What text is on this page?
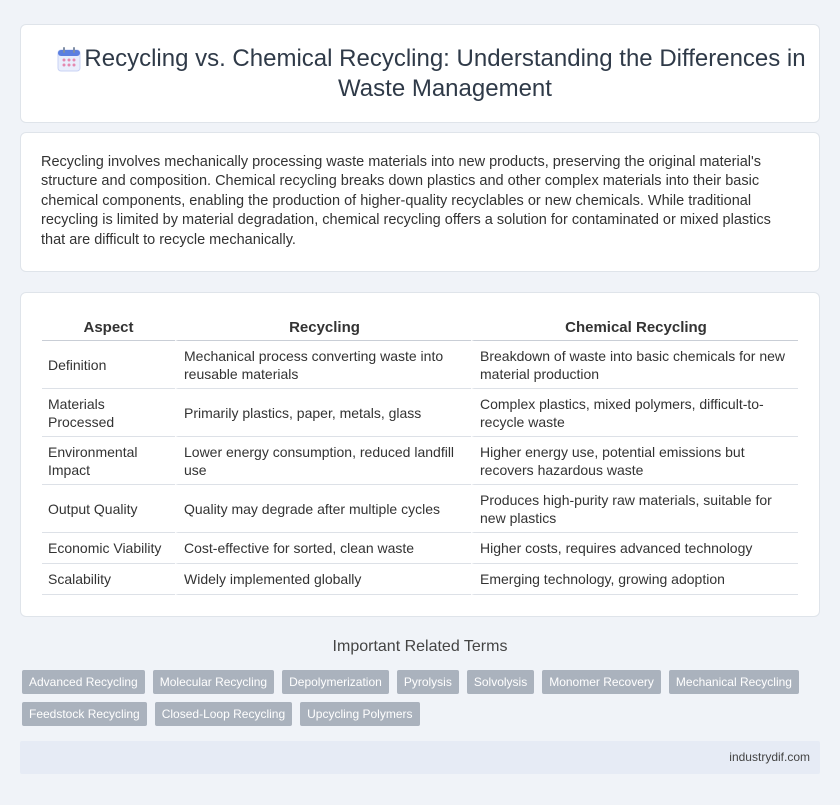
Recycling vs. Chemical Recycling: Understanding the Differences in Waste Management

Recycling involves mechanically processing waste materials into new products, preserving the original material's structure and composition. Chemical recycling breaks down plastics and other complex materials into their basic chemical components, enabling the production of higher-quality recyclables or new chemicals. While traditional recycling is limited by material degradation, chemical recycling offers a solution for contaminated or mixed plastics that are difficult to recycle mechanically.

Aspect	Recycling	Chemical Recycling
Definition	Mechanical process converting waste into reusable materials	Breakdown of waste into basic chemicals for new material production
Materials Processed	Primarily plastics, paper, metals, glass	Complex plastics, mixed polymers, difficult-to-recycle waste
Environmental Impact	Lower energy consumption, reduced landfill use	Higher energy use, potential emissions but recovers hazardous waste
Output Quality	Quality may degrade after multiple cycles	Produces high-purity raw materials, suitable for new plastics
Economic Viability	Cost-effective for sorted, clean waste	Higher costs, requires advanced technology
Scalability	Widely implemented globally	Emerging technology, growing adoption
Important Related Terms
Advanced Recycling	Molecular Recycling	Depolymerization	Pyrolysis	Solvolysis	Monomer Recovery	Mechanical Recycling
Feedstock Recycling	Closed-Loop Recycling	Upcycling Polymers
industrydif.com
